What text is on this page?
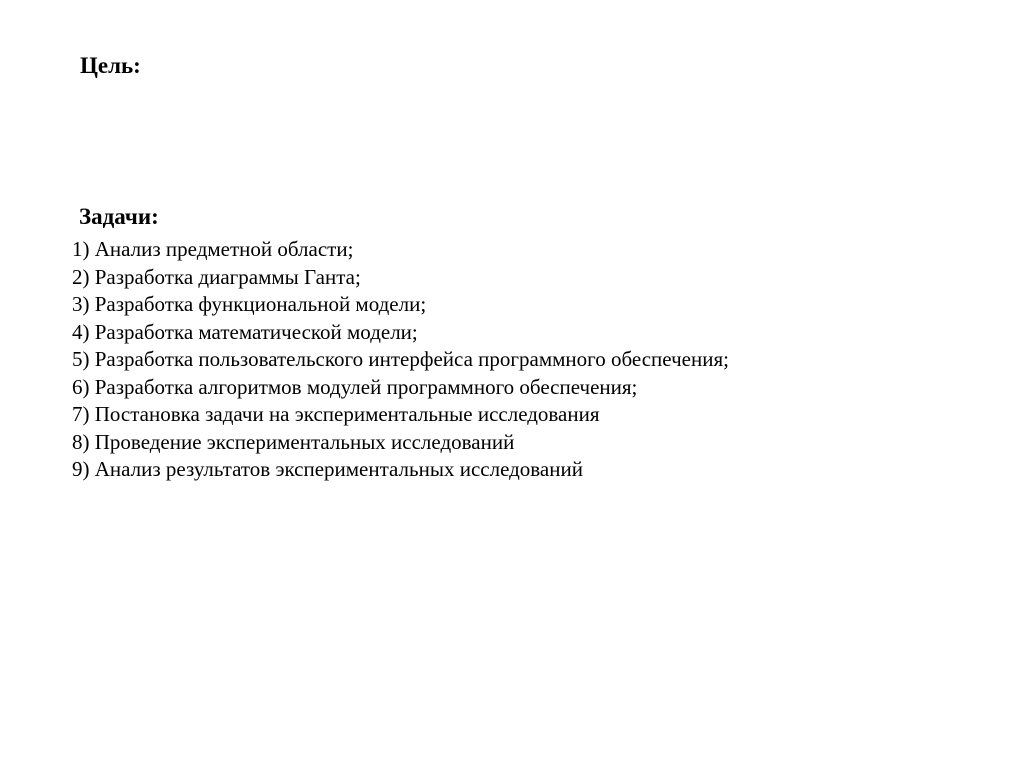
Цель:
Задачи:
1) Анализ предметной области;
2) Разработка диаграммы Ганта;
3) Разработка функциональной модели;
4) Разработка математической модели;
5) Разработка пользовательского интерфейса программного обеспечения;
6) Разработка алгоритмов модулей программного обеспечения;
7) Постановка задачи на экспериментальные исследования
8) Проведение экспериментальных исследований
9) Анализ результатов экспериментальных исследований
